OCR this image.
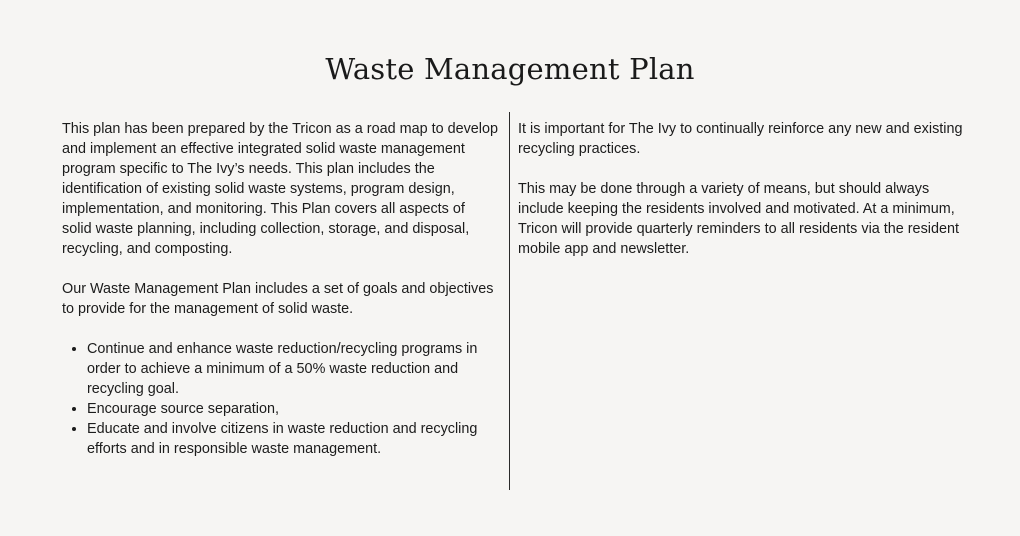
Waste Management Plan

This plan has been prepared by the Tricon as a road map to develop and implement an effective integrated solid waste management program specific to The Ivy’s needs. This plan includes the identification of existing solid waste systems, program design, implementation, and monitoring. This Plan covers all aspects of solid waste planning, including collection, storage, and disposal, recycling, and composting.

Our Waste Management Plan includes a set of goals and objectives to provide for the management of solid waste.

• Continue and enhance waste reduction/recycling programs in order to achieve a minimum of a 50% waste reduction and recycling goal.
• Encourage source separation,
• Educate and involve citizens in waste reduction and recycling efforts and in responsible waste management.

It is important for The Ivy to continually reinforce any new and existing recycling practices.

This may be done through a variety of means, but should always include keeping the residents involved and motivated. At a minimum, Tricon will provide quarterly reminders to all residents via the resident mobile app and newsletter.
